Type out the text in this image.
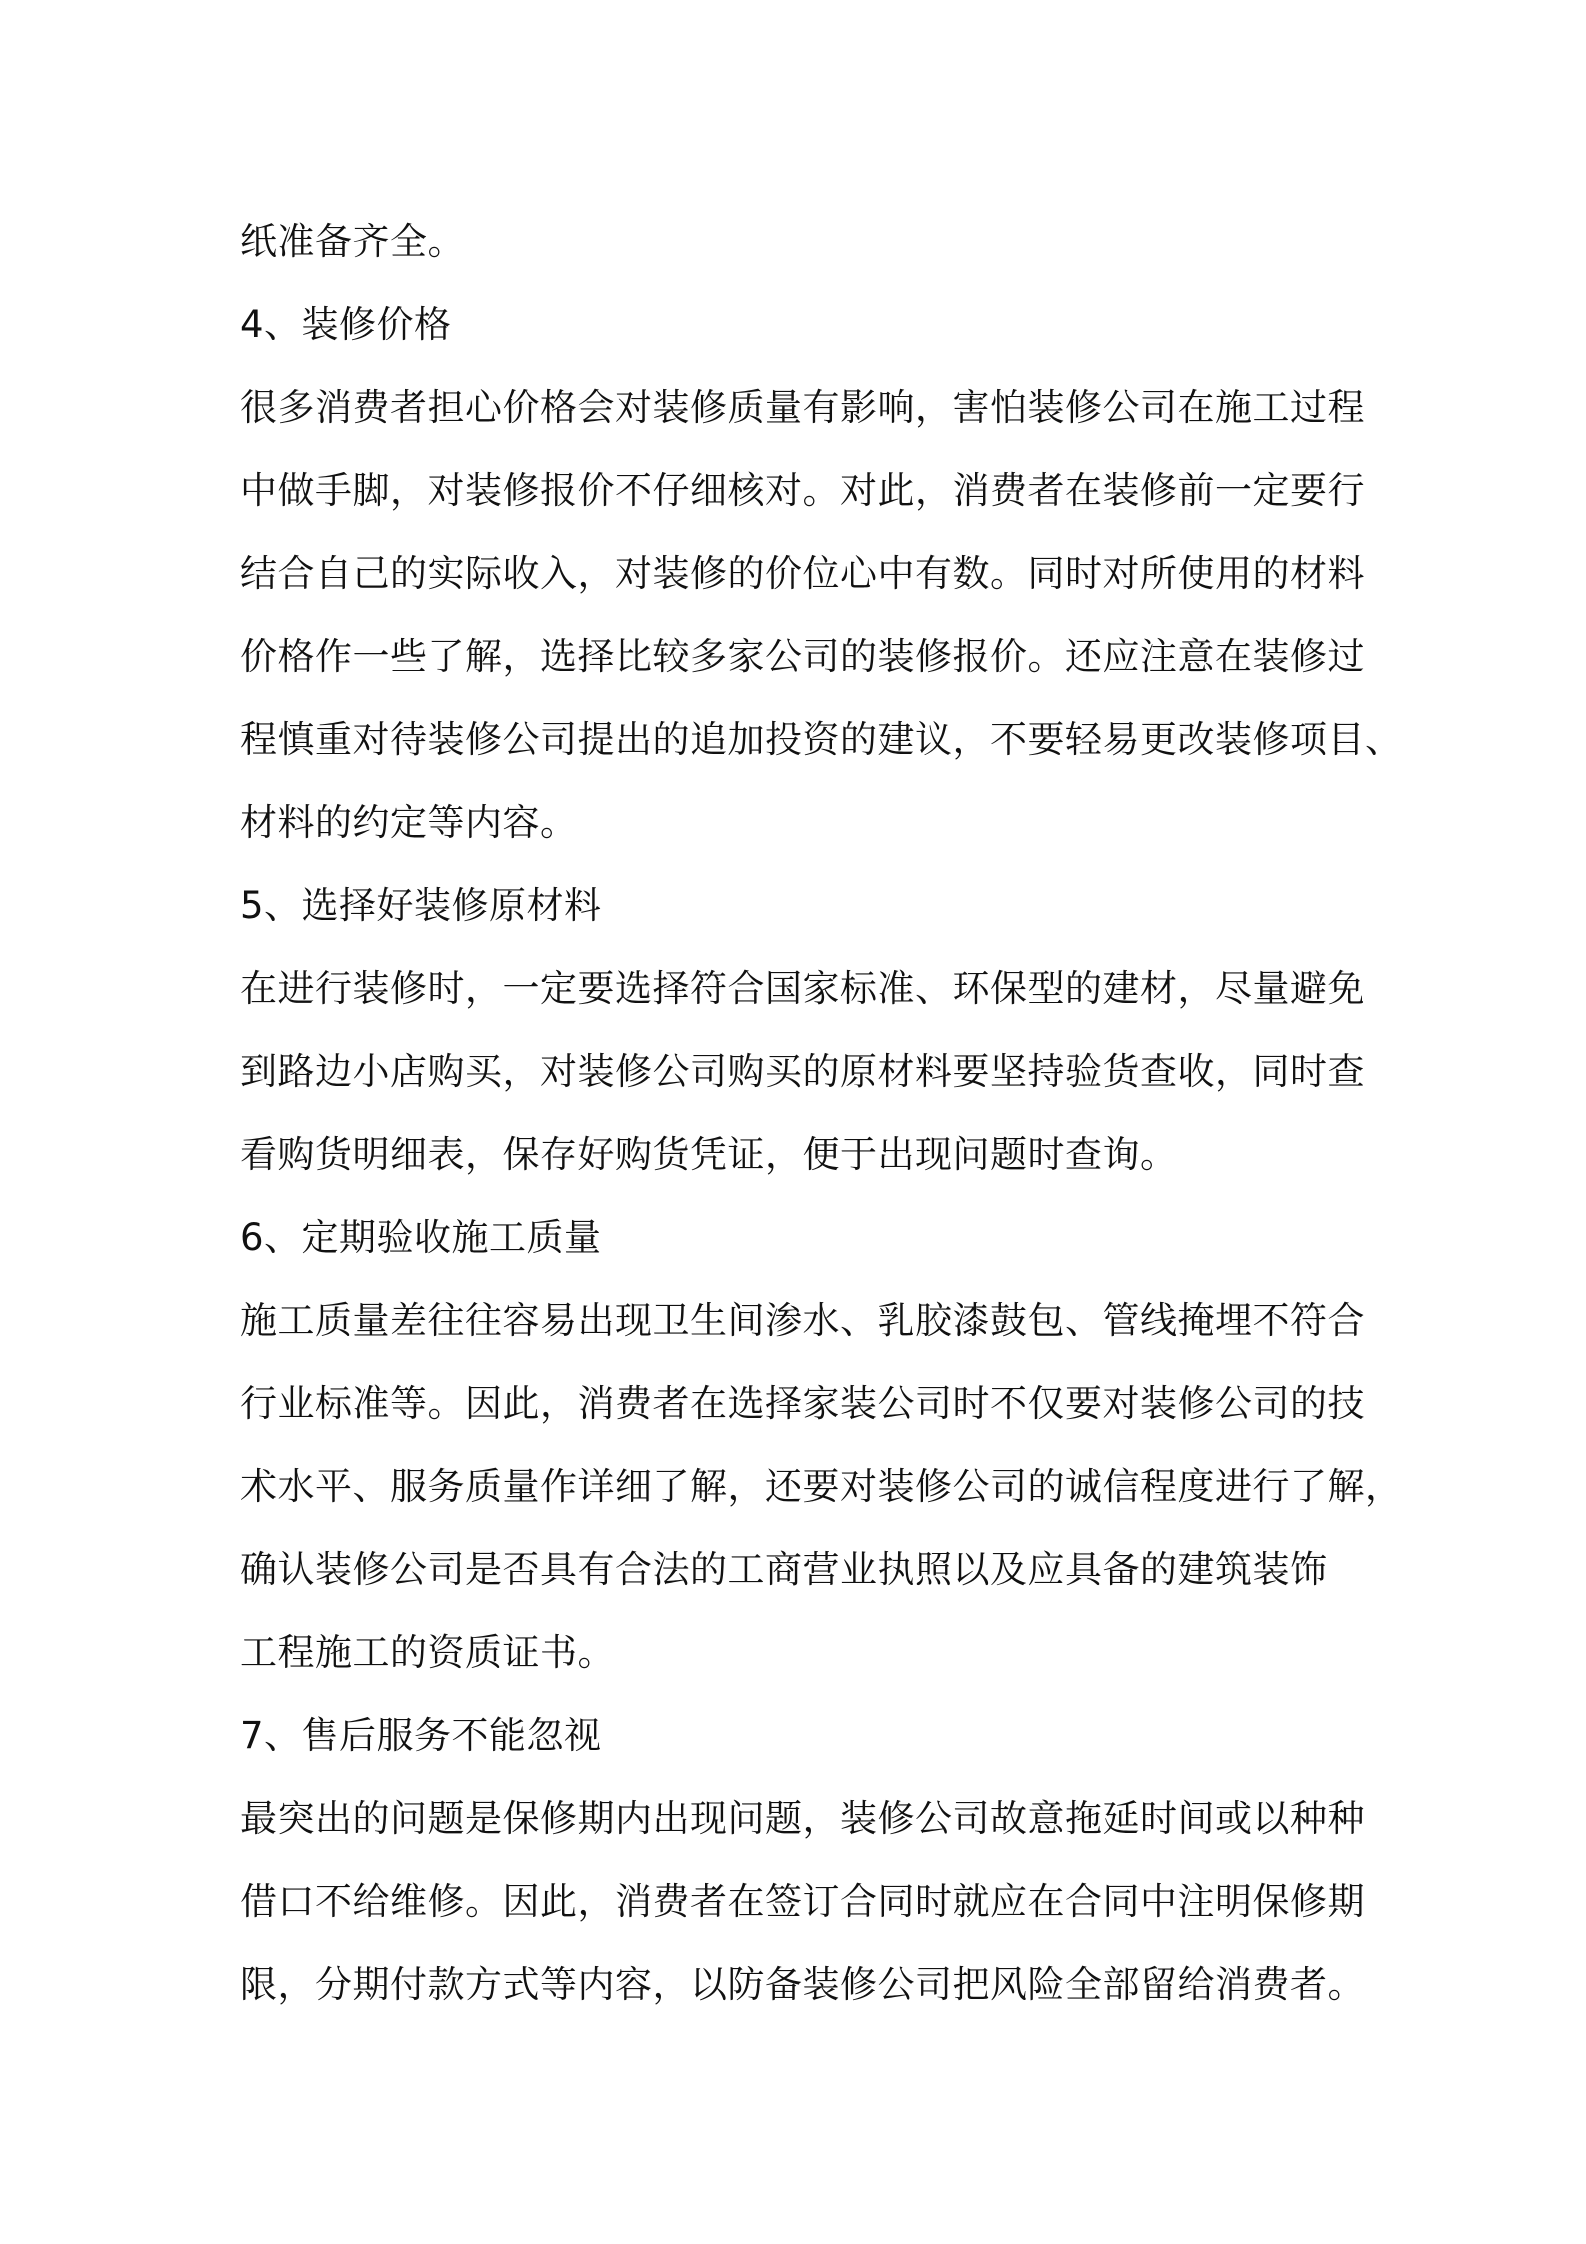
纸准备齐全。
4、装修价格
很多消费者担心价格会对装修质量有影响，害怕装修公司在施工过程
中做手脚，对装修报价不仔细核对。对此，消费者在装修前一定要行
结合自己的实际收入，对装修的价位心中有数。同时对所使用的材料
价格作一些了解，选择比较多家公司的装修报价。还应注意在装修过
程慎重对待装修公司提出的追加投资的建议，不要轻易更改装修项目、
材料的约定等内容。
5、选择好装修原材料
在进行装修时，一定要选择符合国家标准、环保型的建材，尽量避免
到路边小店购买，对装修公司购买的原材料要坚持验货查收，同时查
看购货明细表，保存好购货凭证，便于出现问题时查询。
6、定期验收施工质量
施工质量差往往容易出现卫生间渗水、乳胶漆鼓包、管线掩埋不符合
行业标准等。因此，消费者在选择家装公司时不仅要对装修公司的技
术水平、服务质量作详细了解，还要对装修公司的诚信程度进行了解，
确认装修公司是否具有合法的工商营业执照以及应具备的建筑装饰
工程施工的资质证书。
7、售后服务不能忽视
最突出的问题是保修期内出现问题，装修公司故意拖延时间或以种种
借口不给维修。因此，消费者在签订合同时就应在合同中注明保修期
限，分期付款方式等内容，以防备装修公司把风险全部留给消费者。
